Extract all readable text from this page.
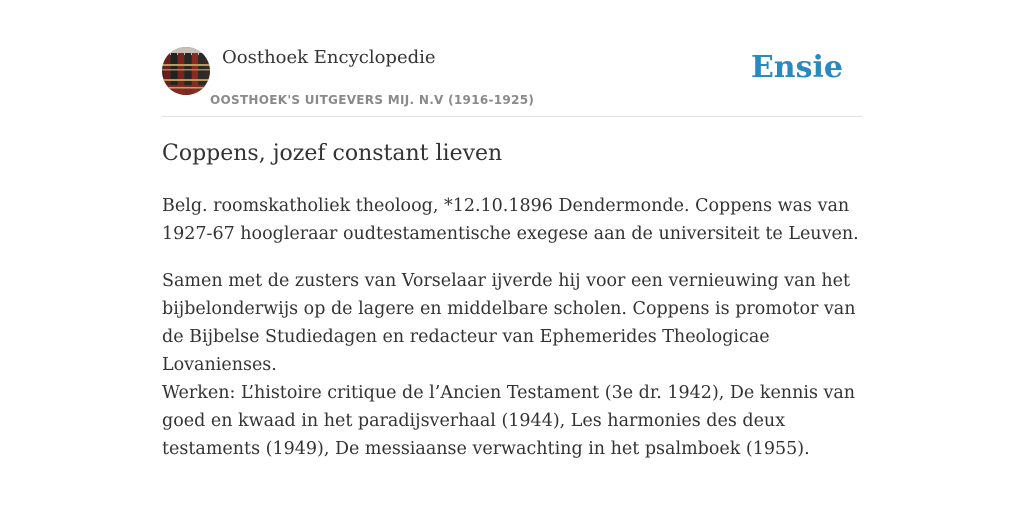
Oosthoek Encyclopedie
OOSTHOEK'S UITGEVERS MIJ. N.V (1916-1925)
Ensie
Coppens, jozef constant lieven

Belg. roomskatholiek theoloog, *12.10.1896 Dendermonde. Coppens was van 1927-67 hoogleraar oudtestamentische exegese aan de universiteit te Leuven.

Samen met de zusters van Vorselaar ijverde hij voor een vernieuwing van het bijbelonderwijs op de lagere en middelbare scholen. Coppens is promotor van de Bijbelse Studiedagen en redacteur van Ephemerides Theologicae Lovanienses.

Werken: L’histoire critique de l’Ancien Testament (3e dr. 1942), De kennis van goed en kwaad in het paradijsverhaal (1944), Les harmonies des deux testaments (1949), De messiaanse verwachting in het psalmboek (1955).
